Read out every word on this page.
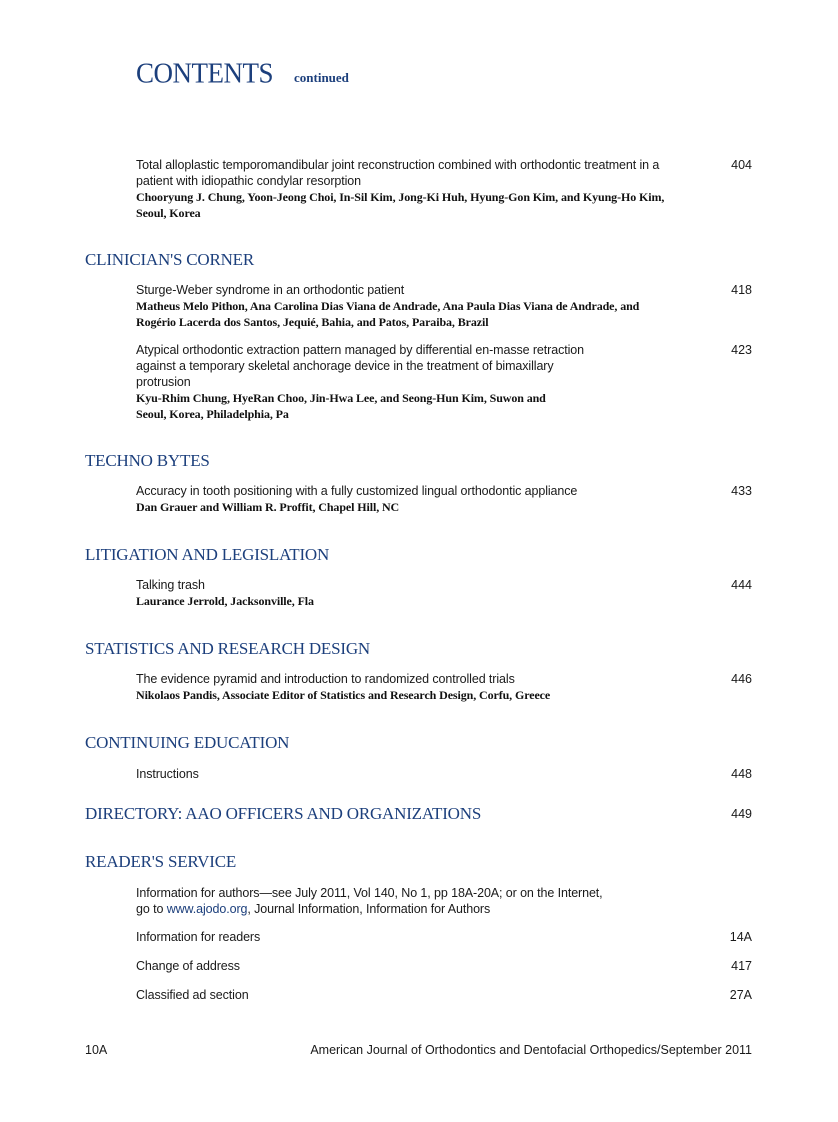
CONTENTS continued
Total alloplastic temporomandibular joint reconstruction combined with orthodontic treatment in a patient with idiopathic condylar resorption
Chooryung J. Chung, Yoon-Jeong Choi, In-Sil Kim, Jong-Ki Huh, Hyung-Gon Kim, and Kyung-Ho Kim, Seoul, Korea
404
CLINICIAN'S CORNER
Sturge-Weber syndrome in an orthodontic patient
Matheus Melo Pithon, Ana Carolina Dias Viana de Andrade, Ana Paula Dias Viana de Andrade, and Rogério Lacerda dos Santos, Jequié, Bahia, and Patos, Paraiba, Brazil
418
Atypical orthodontic extraction pattern managed by differential en-masse retraction against a temporary skeletal anchorage device in the treatment of bimaxillary protrusion
Kyu-Rhim Chung, HyeRan Choo, Jin-Hwa Lee, and Seong-Hun Kim, Suwon and Seoul, Korea, Philadelphia, Pa
423
TECHNO BYTES
Accuracy in tooth positioning with a fully customized lingual orthodontic appliance
Dan Grauer and William R. Proffit, Chapel Hill, NC
433
LITIGATION AND LEGISLATION
Talking trash
Laurance Jerrold, Jacksonville, Fla
444
STATISTICS AND RESEARCH DESIGN
The evidence pyramid and introduction to randomized controlled trials
Nikolaos Pandis, Associate Editor of Statistics and Research Design, Corfu, Greece
446
CONTINUING EDUCATION
Instructions	448
DIRECTORY: AAO OFFICERS AND ORGANIZATIONS	449
READER'S SERVICE
Information for authors—see July 2011, Vol 140, No 1, pp 18A-20A; or on the Internet,
go to www.ajodo.org, Journal Information, Information for Authors
Information for readers	14A
Change of address	417
Classified ad section	27A
10A	American Journal of Orthodontics and Dentofacial Orthopedics/September 2011
